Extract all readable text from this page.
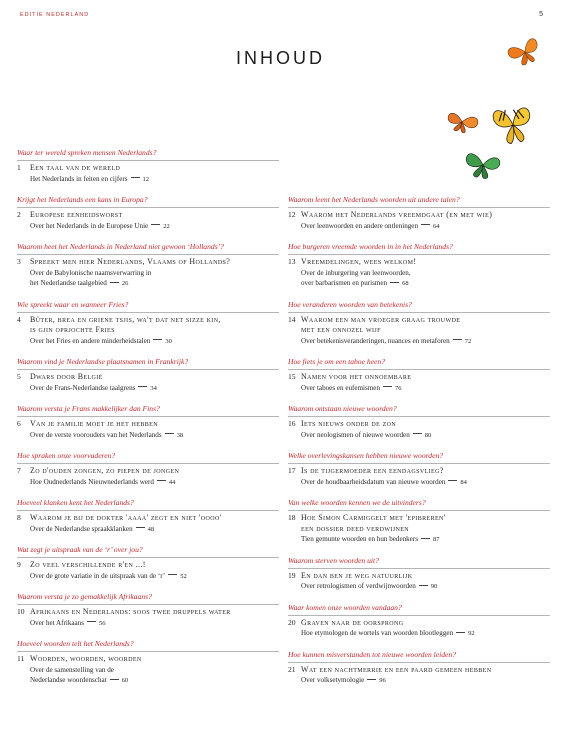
EDITIE NEDERLAND	5
INHOUD
Waar ter wereld spreken mensen Nederlands?
1	Een taal van de wereld
Het Nederlands in feiten en cijfers 12
Krijgt het Nederlands een kans in Europa?
2	Europese eenheidsworst
Over het Nederlands in de Europese Unie 22
Waarom heet het Nederlands in Nederland niet gewoon ‘Hollands’?
3	Spreekt men hier Nederlands, Vlaams of Hollands?
Over de Babylonische naamsverwarring in
het Nederlandse taalgebied 26
Wie spreekt waar en wanneer Fries?
4	Bûter, brea en griene tsjis, wa't dat net sizze kin,
is gjin oprjochte Fries
Over het Fries en andere minderheidstalen 30
Waarom vind je Nederlandse plaatsnamen in Frankrijk?
5	Dwars door België
Over de Frans-Nederlandse taalgrens 34
Waarom versta je Frans makkelijker dan Fins?
6	Van je familie moet je het hebben
Over de verste voorouders van het Nederlands 38
Hoe spraken onze voorvaderen?
7	Zo d'ouden zongen, zo piepen de jongen
Hoe Oudnederlands Nieuwnederlands werd 44
Hoeveel klanken kent het Nederlands?
8	Waarom je bij de dokter 'aaaa' zegt en niet 'oooo'
Over de Nederlandse spraakklanken 48
Wat zegt je uitspraak van de ‘r’ over jou?
9	Zo veel verschillende r'en ...!
Over de grote variatie in de uitspraak van de ‘r’ 52
Waarom versta je zo gemakkelijk Afrikaans?
10 Afrikaans en Nederlands: soos twee druppels water
Over het Afrikaans 56
Hoeveel woorden telt het Nederlands?
11 Woorden, woorden, woorden
Over de samenstelling van de
Nederlandse woordenschat 60
Waarom leent het Nederlands woorden uit andere talen?
12 Waarom het Nederlands vreemdgaat (en met wie)
Over leenwoorden en andere ontleningen 64
Hoe burgeren vreemde woorden in in het Nederlands?
13 Vreemdelingen, wees welkom!
Over de inburgering van leenwoorden,
over barbarismen en purismen 68
Hoe veranderen woorden van betekenis?
14 Waarom een man vroeger graag trouwde
met een onnozel wijf
Over betekenisveranderingen, nuances en metaforen 72
Hoe fiets je om een taboe heen?
15 Namen voor het onnoembare
Over taboes en eufemismen 76
Waarom ontstaan nieuwe woorden?
16 Iets nieuws onder de zon
Over neologismen of nieuwe woorden 80
Welke overlevingskansen hebben nieuwe woorden?
17 Is de tijgermoeder een eendagsvlieg?
Over de houdbaarheidsdatum van nieuwe woorden 84
Van welke woorden kennen we de uitvinders?
18 Hoe Simon Carmiggelt met 'epibreren'
een dossier deed verdwijnen
Tien gemunte woorden en hun bedenkers 87
Waarom sterven woorden uit?
19 En dan ben je weg natuurlijk
Over retrologismen of verdwijnwoorden 90
Waar komen onze woorden vandaan?
20 Graven naar de oorsprong
Hoe etymologen de wortels van woorden blootleggen 92
Hoe kunnen misverstanden tot nieuwe woorden leiden?
21 Wat een nachtmerrie en een paard gemeen hebben
Over volksetymologie 96
